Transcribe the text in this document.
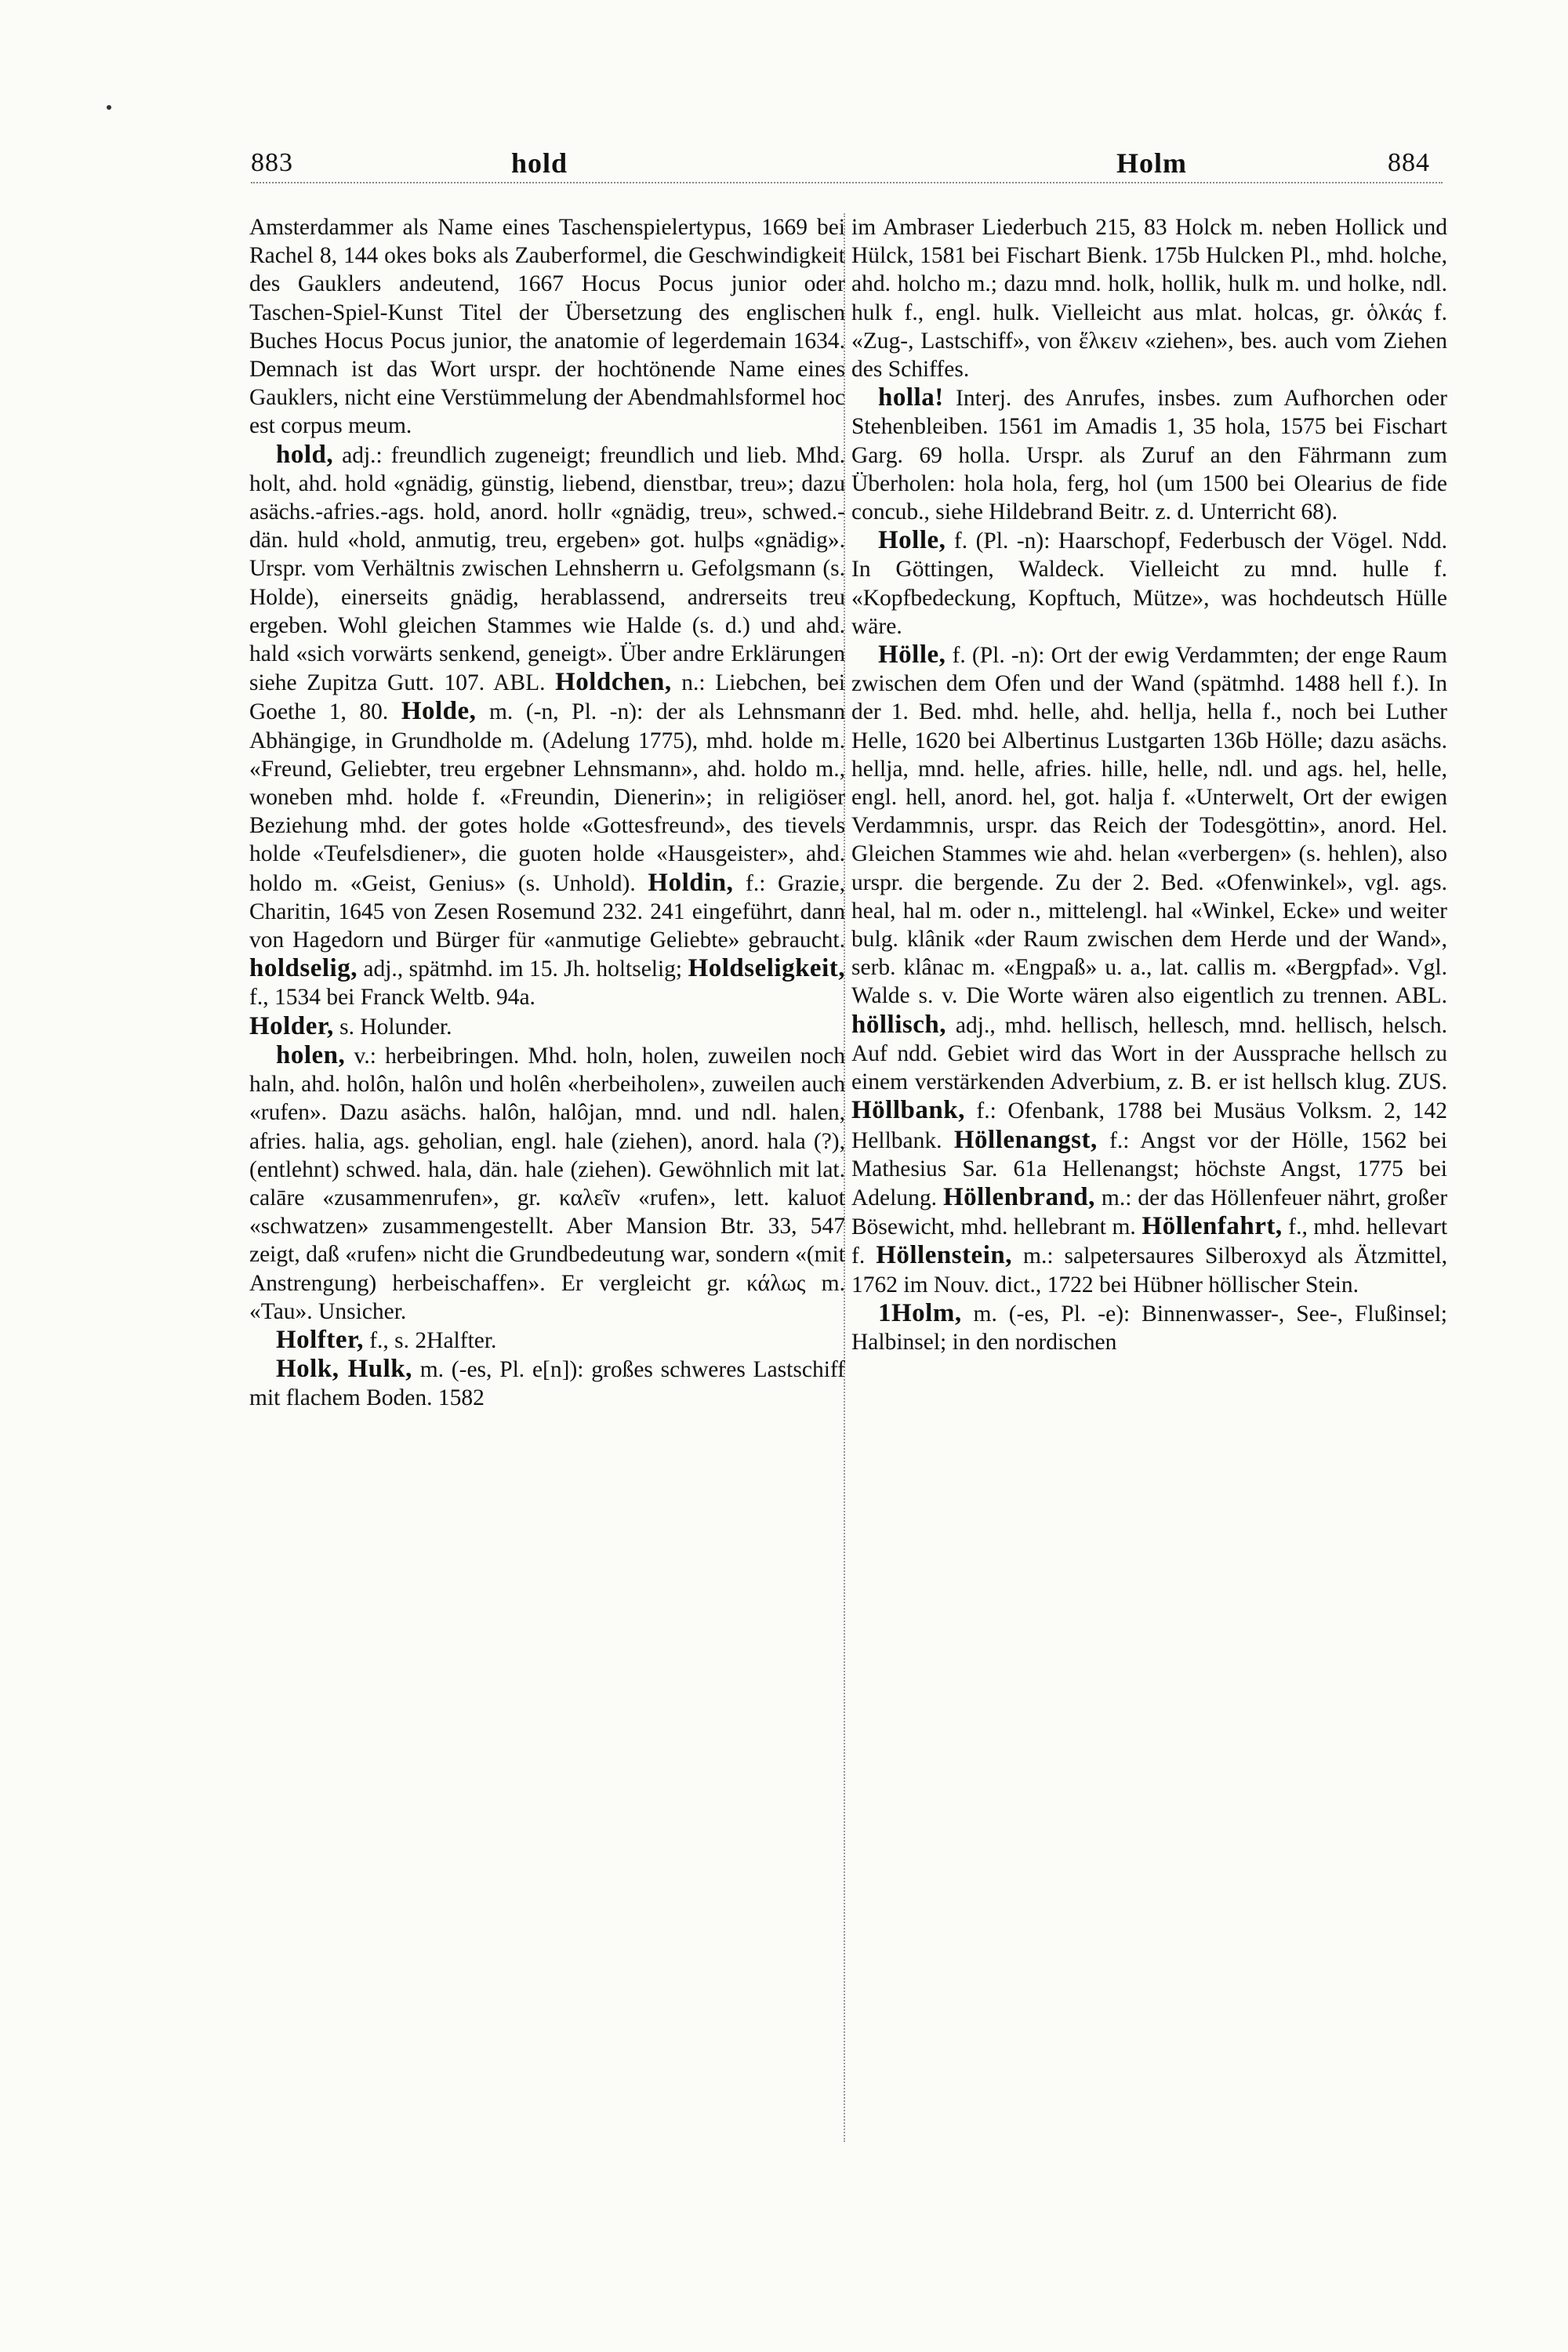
883	hold	Holm	884

Amsterdammer als Name eines Taschenspielertypus, 1669 bei Rachel 8, 144 okes boks als Zauberformel, die Geschwindigkeit des Gauklers andeutend, 1667 Hocus Pocus junior oder Taschen-Spiel-Kunst Titel der Übersetzung des englischen Buches Hocus Pocus junior, the anatomie of legerdemain 1634. Demnach ist das Wort urspr. der hochtönende Name eines Gauklers, nicht eine Verstümmelung der Abendmahlsformel hoc est corpus meum.

hold, adj.: freundlich zugeneigt; freundlich und lieb. Mhd. holt, ahd. hold «gnädig, günstig, liebend, dienstbar, treu»; dazu asächs.-afries.-ags. hold, anord. hollr «gnädig, treu», schwed.-dän. huld «hold, anmutig, treu, ergeben» got. hulþs «gnädig». Urspr. vom Verhältnis zwischen Lehnsherrn u. Gefolgsmann (s. Holde), einerseits gnädig, herablassend, andrerseits treu ergeben. Wohl gleichen Stammes wie Halde (s. d.) und ahd. hald «sich vorwärts senkend, geneigt». Über andre Erklärungen siehe Zupitza Gutt. 107. ABL. Holdchen, n.: Liebchen, bei Goethe 1, 80. Holde, m. (-n, Pl. -n): der als Lehnsmann Abhängige, in Grundholde m. (Adelung 1775), mhd. holde m. «Freund, Geliebter, treu ergebner Lehnsmann», ahd. holdo m., woneben mhd. holde f. «Freundin, Dienerin»; in religiöser Beziehung mhd. der gotes holde «Gottesfreund», des tievels holde «Teufelsdiener», die guoten holde «Hausgeister», ahd. holdo m. «Geist, Genius» (s. Unhold). Holdin, f.: Grazie, Charitin, 1645 von Zesen Rosemund 232. 241 eingeführt, dann von Hagedorn und Bürger für «anmutige Geliebte» gebraucht. holdselig, adj., spätmhd. im 15. Jh. holtselig; Holdseligkeit, f., 1534 bei Franck Weltb. 94a.

Holder, s. Holunder.

holen, v.: herbeibringen. Mhd. holn, holen, zuweilen noch haln, ahd. holôn, halôn und holên «herbeiholen», zuweilen auch «rufen». Dazu asächs. halôn, halôjan, mnd. und ndl. halen, afries. halia, ags. geholian, engl. hale (ziehen), anord. hala (?), (entlehnt) schwed. hala, dän. hale (ziehen). Gewöhnlich mit lat. calāre «zusammenrufen», gr. καλεῖν «rufen», lett. kaluot «schwatzen» zusammengestellt. Aber Mansion Btr. 33, 547 zeigt, daß «rufen» nicht die Grundbedeutung war, sondern «(mit Anstrengung) herbeischaffen». Er vergleicht gr. κάλως m. «Tau». Unsicher.

Holfter, f., s. 2Halfter.

Holk, Hulk, m. (-es, Pl. e[n]): großes schweres Lastschiff mit flachem Boden. 1582

im Ambraser Liederbuch 215, 83 Holck m. neben Hollick und Hülck, 1581 bei Fischart Bienk. 175b Hulcken Pl., mhd. holche, ahd. holcho m.; dazu mnd. holk, hollik, hulk m. und holke, ndl. hulk f., engl. hulk. Vielleicht aus mlat. holcas, gr. ὁλκάς f. «Zug-, Lastschiff», von ἕλκειν «ziehen», bes. auch vom Ziehen des Schiffes.

holla! Interj. des Anrufes, insbes. zum Aufhorchen oder Stehenbleiben. 1561 im Amadis 1, 35 hola, 1575 bei Fischart Garg. 69 holla. Urspr. als Zuruf an den Fährmann zum Überholen: hola hola, ferg, hol (um 1500 bei Olearius de fide concub., siehe Hildebrand Beitr. z. d. Unterricht 68).

Holle, f. (Pl. -n): Haarschopf, Federbusch der Vögel. Ndd. In Göttingen, Waldeck. Vielleicht zu mnd. hulle f. «Kopfbedeckung, Kopftuch, Mütze», was hochdeutsch Hülle wäre.

Hölle, f. (Pl. -n): Ort der ewig Verdammten; der enge Raum zwischen dem Ofen und der Wand (spätmhd. 1488 hell f.). In der 1. Bed. mhd. helle, ahd. hellja, hella f., noch bei Luther Helle, 1620 bei Albertinus Lustgarten 136b Hölle; dazu asächs. hellja, mnd. helle, afries. hille, helle, ndl. und ags. hel, helle, engl. hell, anord. hel, got. halja f. «Unterwelt, Ort der ewigen Verdammnis, urspr. das Reich der Todesgöttin», anord. Hel. Gleichen Stammes wie ahd. helan «verbergen» (s. hehlen), also urspr. die bergende. Zu der 2. Bed. «Ofenwinkel», vgl. ags. heal, hal m. oder n., mittelengl. hal «Winkel, Ecke» und weiter bulg. klânik «der Raum zwischen dem Herde und der Wand», serb. klânac m. «Engpaß» u. a., lat. callis m. «Bergpfad». Vgl. Walde s. v. Die Worte wären also eigentlich zu trennen. ABL. höllisch, adj., mhd. hellisch, hellesch, mnd. hellisch, helsch. Auf ndd. Gebiet wird das Wort in der Aussprache hellsch zu einem verstärkenden Adverbium, z. B. er ist hellsch klug. ZUS. Höllbank, f.: Ofenbank, 1788 bei Musäus Volksm. 2, 142 Hellbank. Höllenangst, f.: Angst vor der Hölle, 1562 bei Mathesius Sar. 61a Hellenangst; höchste Angst, 1775 bei Adelung. Höllenbrand, m.: der das Höllenfeuer nährt, großer Bösewicht, mhd. hellebrant m. Höllenfahrt, f., mhd. hellevart f. Höllenstein, m.: salpetersaures Silberoxyd als Ätzmittel, 1762 im Nouv. dict., 1722 bei Hübner höllischer Stein.

1Holm, m. (-es, Pl. -e): Binnenwasser-, See-, Flußinsel; Halbinsel; in den nordischen
